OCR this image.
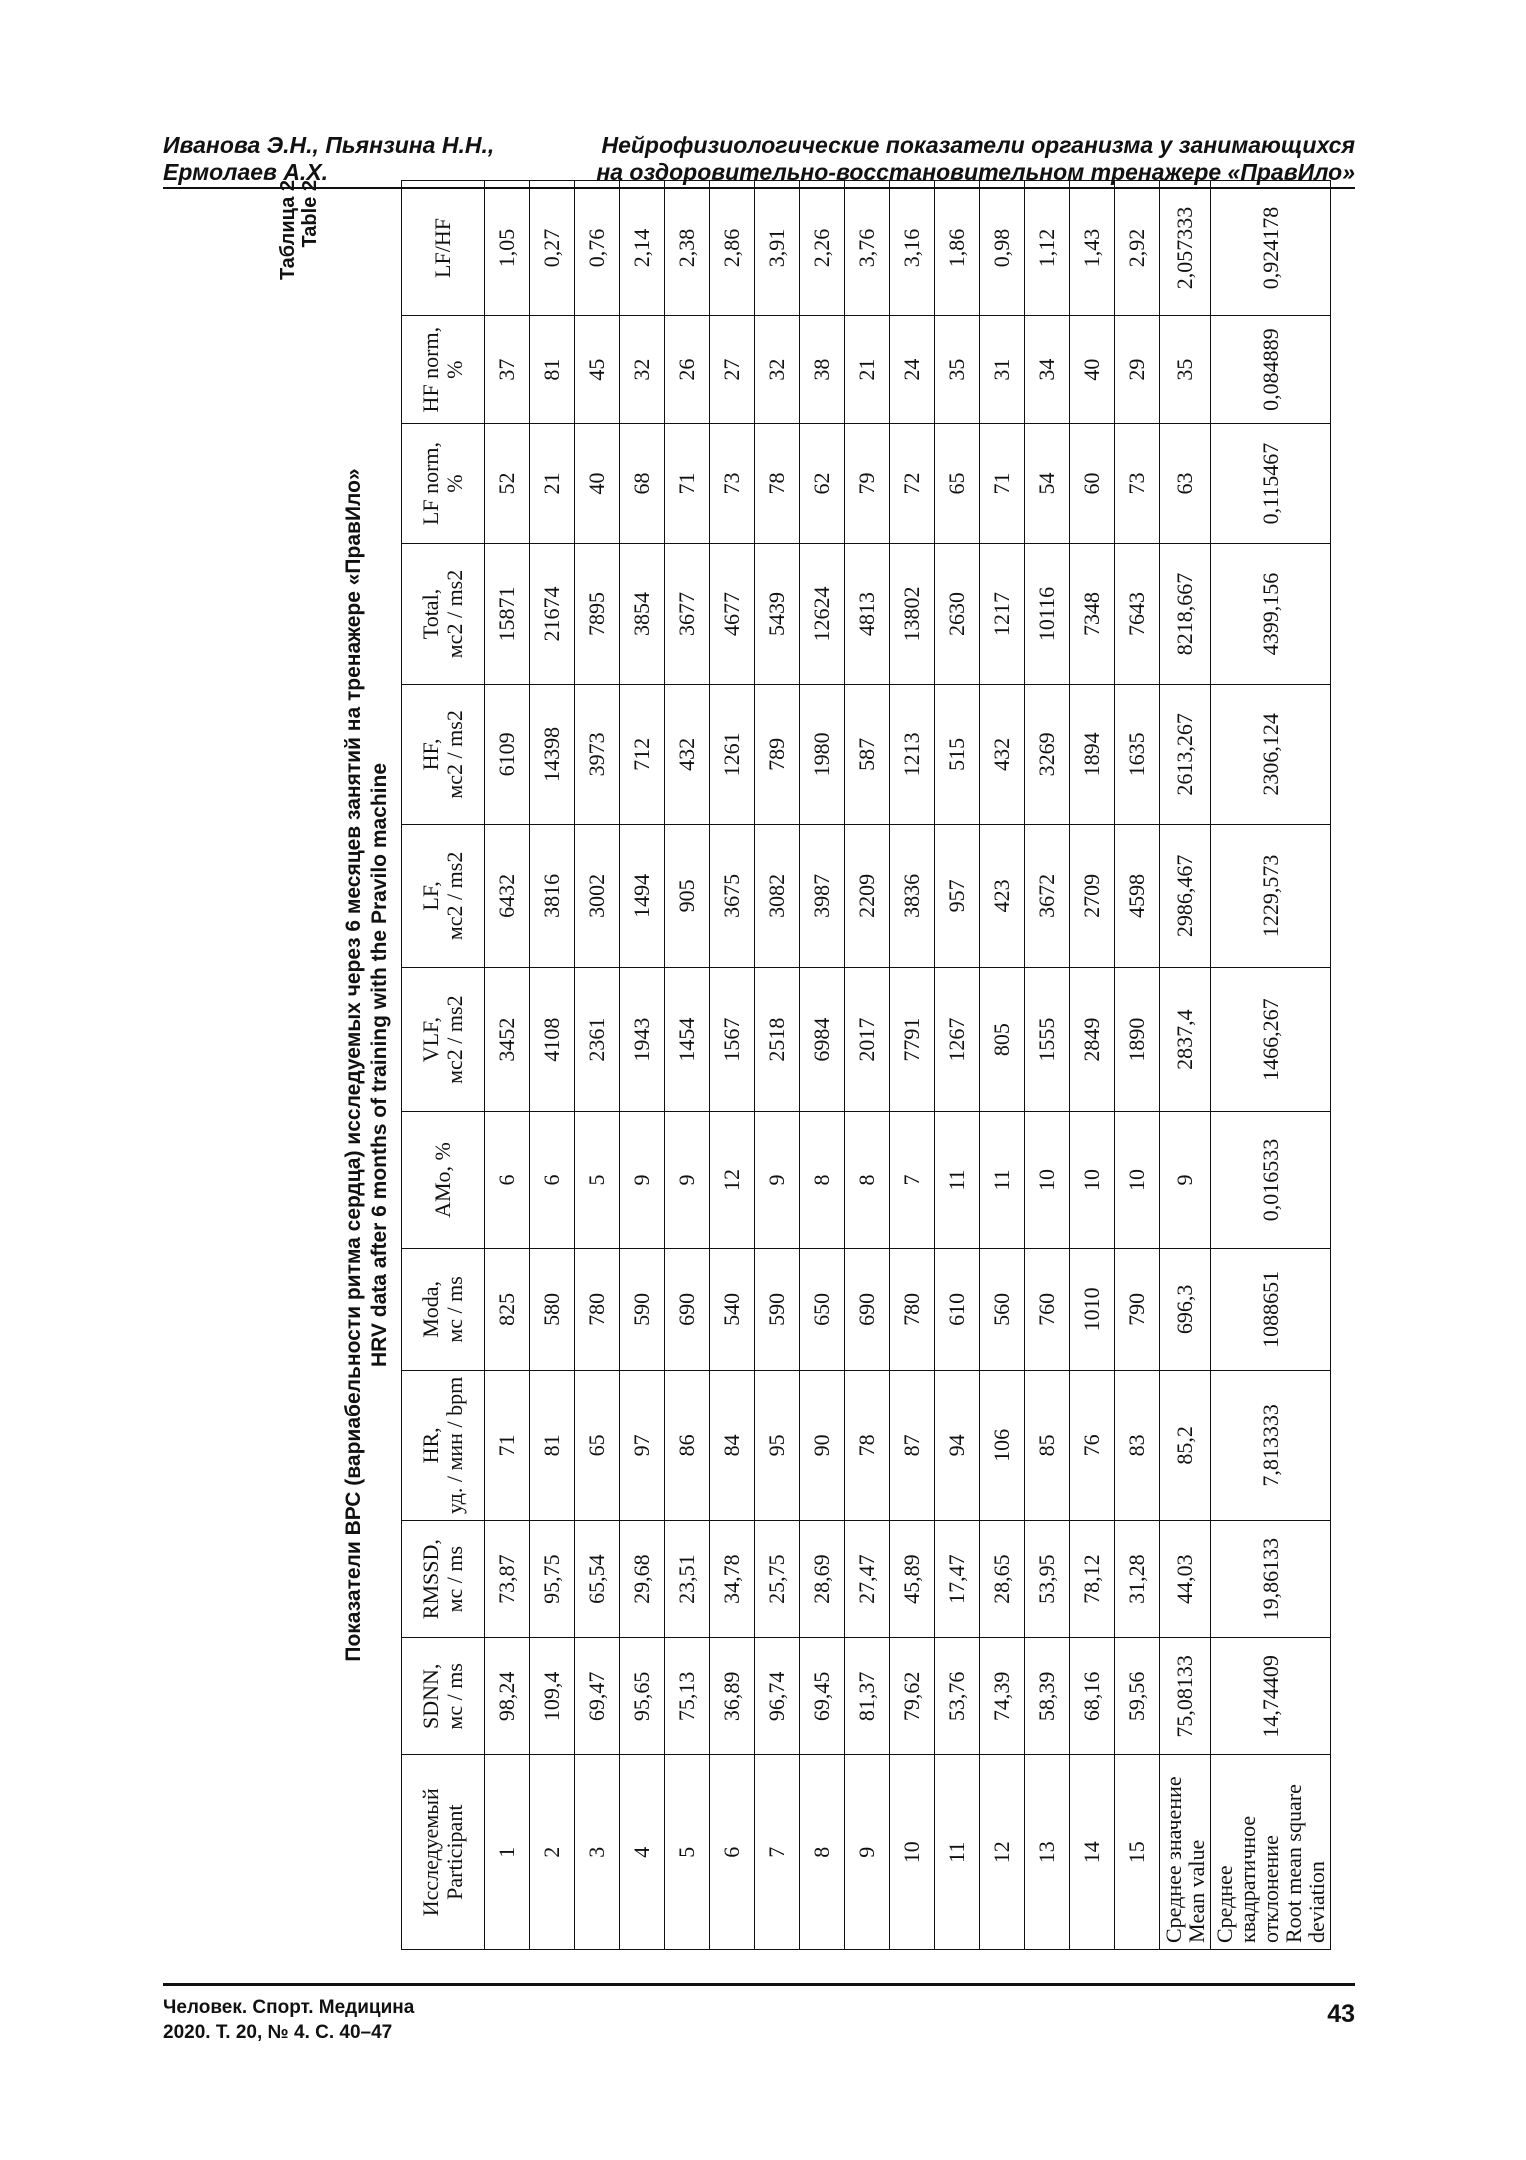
Иванова Э.Н., Пьянзина Н.Н.,
Ермолаев А.Х.
Нейрофизиологические показатели организма у занимающихся
на оздоровительно-восстановительном тренажере «ПравИло»
Таблица 2 Table 2
Показатели ВРС (вариабельности ритма сердца) исследуемых через 6 месяцев занятий на тренажере «ПравИло» HRV data after 6 months of training with the Pravilo machine
Исследуемый Participant	SDNN, мс / ms	RMSSD, мс / ms	HR, уд. / мин / bpm	Moda, мс / ms	AMo, %	VLF, мс2 / ms2	LF, мс2 / ms2	HF, мс2 / ms2	Total, мс2 / ms2	LF norm, %	HF norm, %	LF/HF

1	98,24	73,87	71	825	6	3452	6432	6109	15871	52	37	1,05
2	109,4	95,75	81	580	6	4108	3816	14398	21674	21	81	0,27
3	69,47	65,54	65	780	5	2361	3002	3973	7895	40	45	0,76
4	95,65	29,68	97	590	9	1943	1494	712	3854	68	32	2,14
5	75,13	23,51	86	690	9	1454	905	432	3677	71	26	2,38
6	36,89	34,78	84	540	12	1567	3675	1261	4677	73	27	2,86
7	96,74	25,75	95	590	9	2518	3082	789	5439	78	32	3,91
8	69,45	28,69	90	650	8	6984	3987	1980	12624	62	38	2,26
9	81,37	27,47	78	690	8	2017	2209	587	4813	79	21	3,76
10	79,62	45,89	87	780	7	7791	3836	1213	13802	72	24	3,16
11	53,76	17,47	94	610	11	1267	957	515	2630	65	35	1,86
12	74,39	28,65	106	560	11	805	423	432	1217	71	31	0,98
13	58,39	53,95	85	760	10	1555	3672	3269	10116	54	34	1,12
14	68,16	78,12	76	1010	10	2849	2709	1894	7348	60	40	1,43
15	59,56	31,28	83	790	10	1890	4598	1635	7643	73	29	2,92

Среднее значение
Mean value	75,08133	44,03	85,2	696,3	9	2837,4	2986,467	2613,267	8218,667	63	35	2,057333

Среднее квадратичное отклонение
Root mean square deviation	14,74409	19,86133	7,813333	1088651	0,016533	1466,267	1229,573	2306,124	4399,156	0,115467	0,084889	0,924178
Человек. Спорт. Медицина
2020. Т. 20, № 4. С. 40–47
43
